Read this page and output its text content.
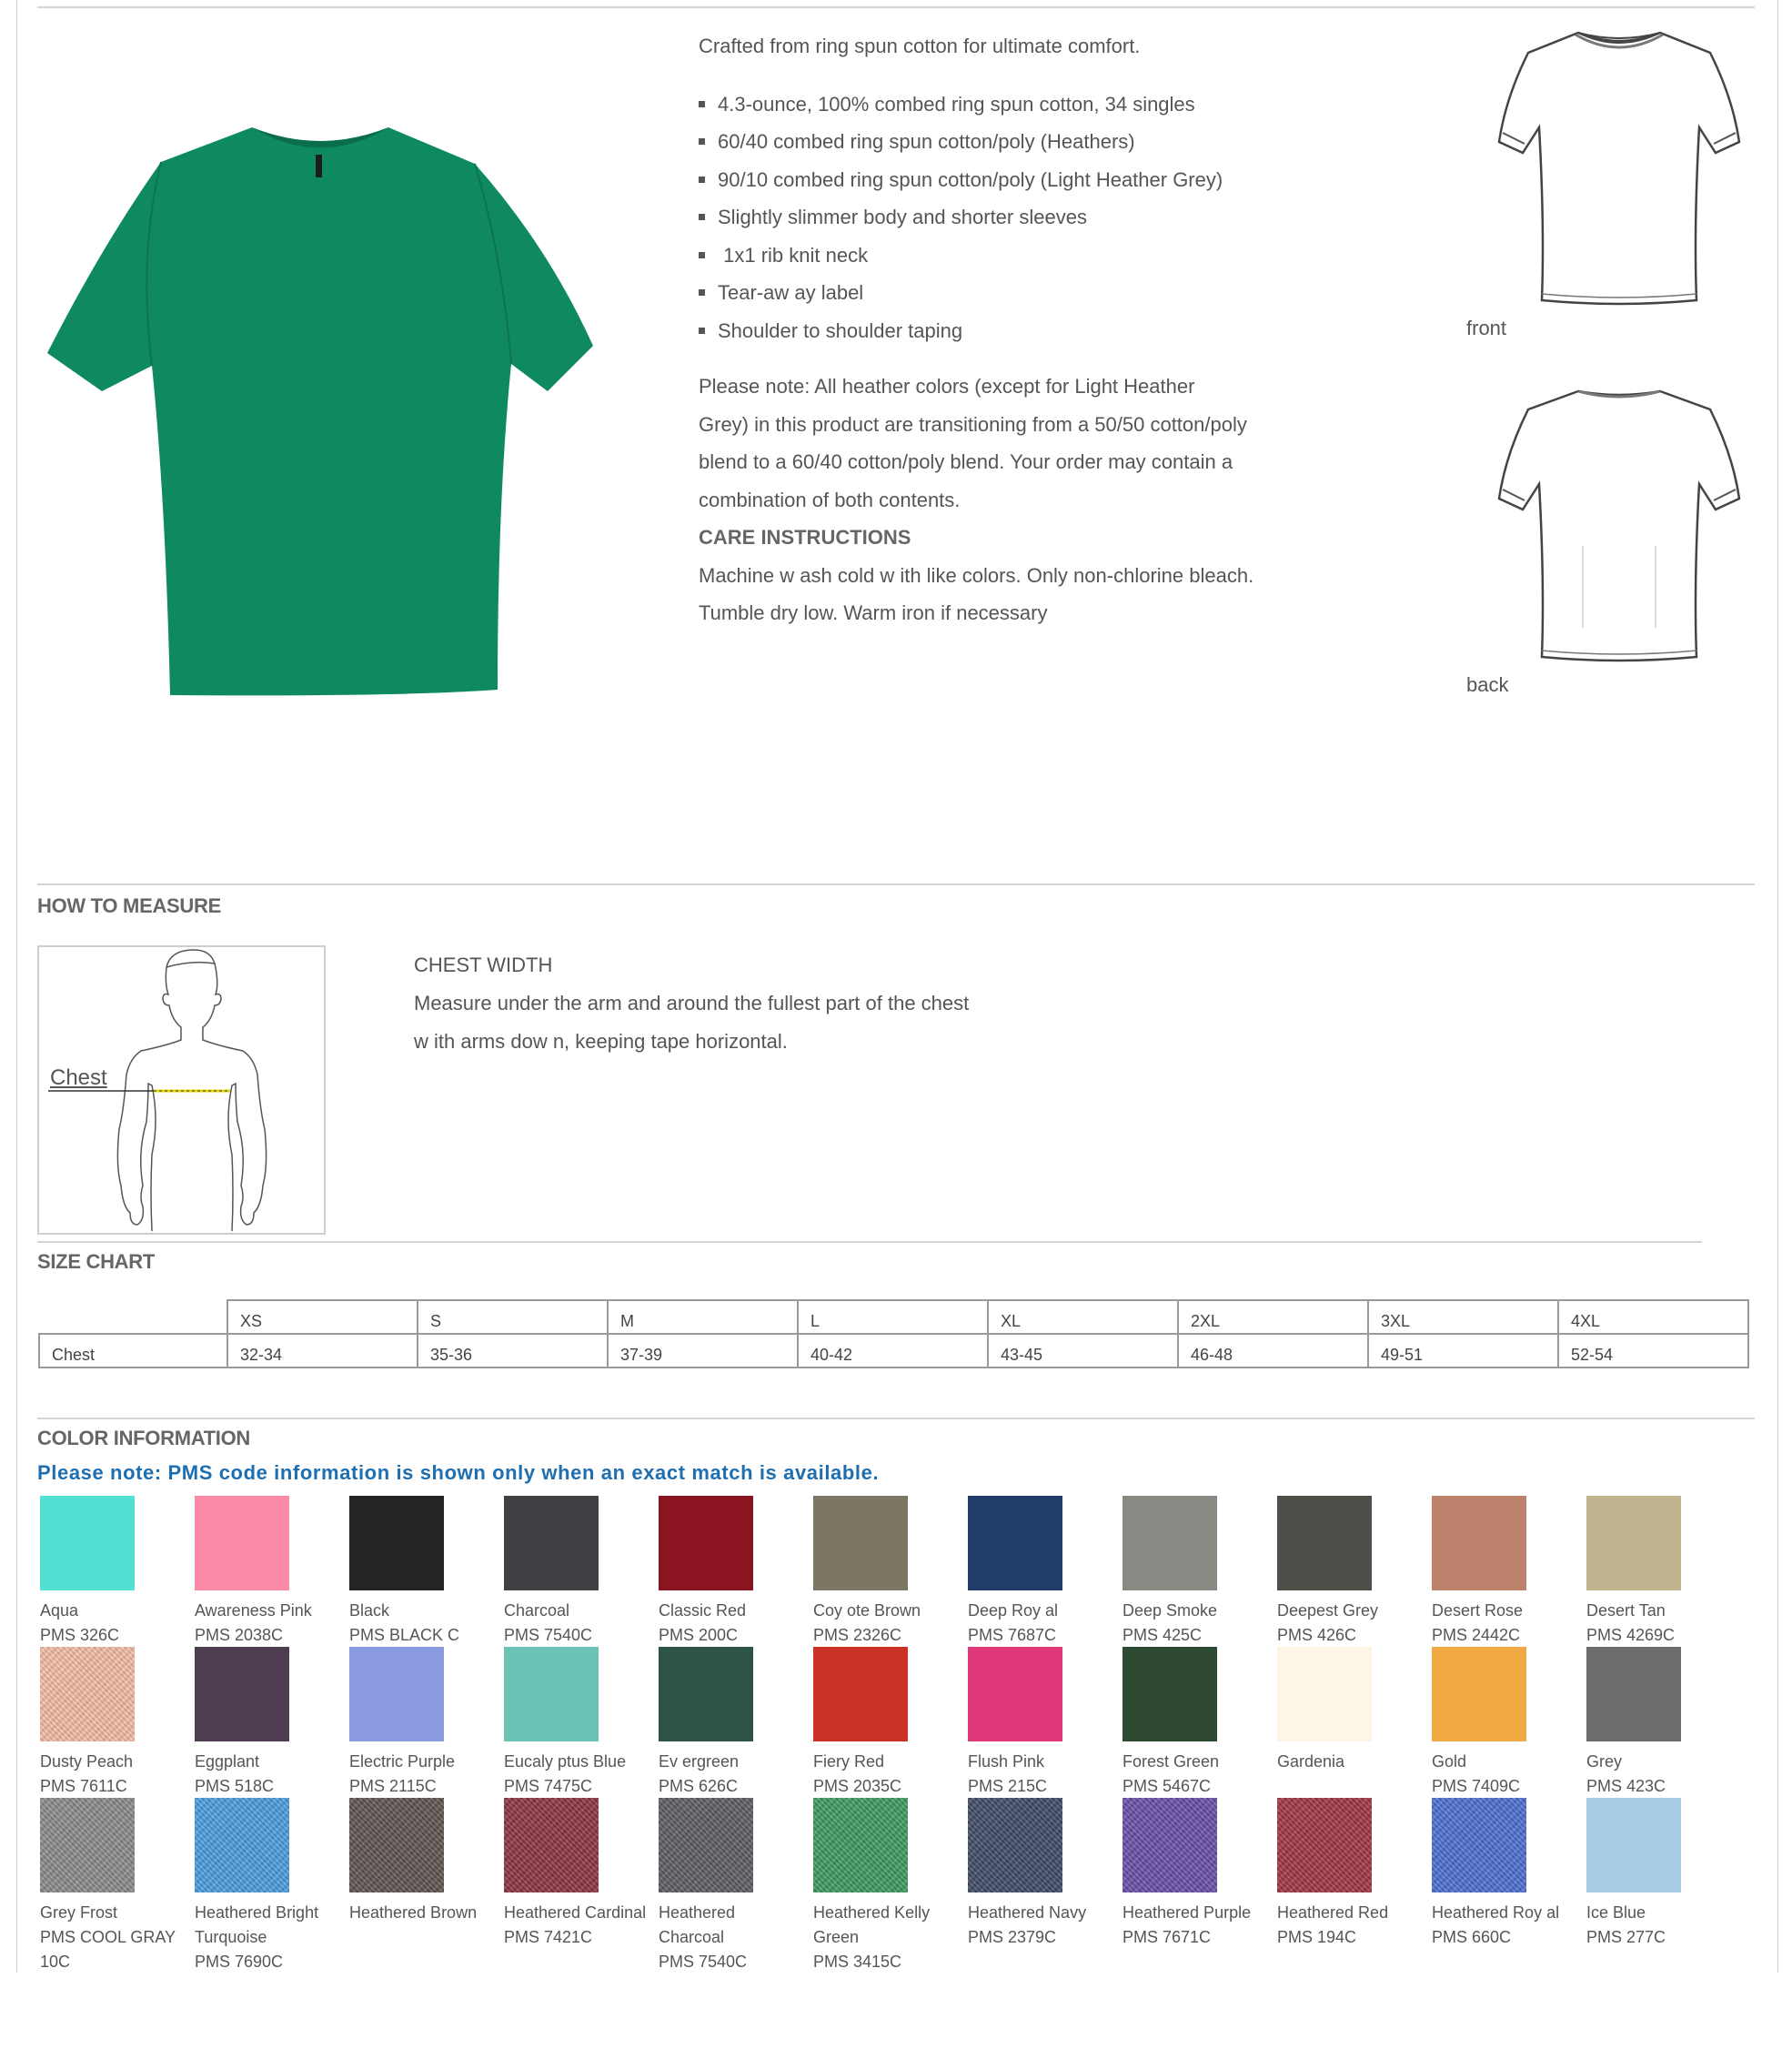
Crafted from ring spun cotton for ultimate comfort.

4.3-ounce, 100% combed ring spun cotton, 34 singles
60/40 combed ring spun cotton/poly (Heathers)
90/10 combed ring spun cotton/poly (Light Heather Grey)
Slightly slimmer body and shorter sleeves
1x1 rib knit neck
Tear-aw ay label
Shoulder to shoulder taping

Please note: All heather colors (except for Light Heather

Grey) in this product are transitioning from a 50/50 cotton/poly

blend to a 60/40 cotton/poly blend. Your order may contain a

combination of both contents.

CARE INSTRUCTIONS

Machine w ash cold w ith like colors. Only non-chlorine bleach.

Tumble dry low. Warm iron if necessary

front
back
HOW TO MEASURE
Chest

CHEST WIDTH

Measure under the arm and around the fullest part of the chest

w ith arms dow n, keeping tape horizontal.

SIZE CHART
	XS	S	M	L	XL	2XL	3XL	4XL
Chest	32-34	35-36	37-39	40-42	43-45	46-48	49-51	52-54
COLOR INFORMATION
Please note: PMS code information is shown only when an exact match is available.
Aqua
PMS 326C
Awareness Pink
PMS 2038C
Black
PMS BLACK C
Charcoal
PMS 7540C
Classic Red
PMS 200C
Coy ote Brown
PMS 2326C
Deep Roy al
PMS 7687C
Deep Smoke
PMS 425C
Deepest Grey
PMS 426C
Desert Rose
PMS 2442C
Desert Tan
PMS 4269C
Dusty Peach
PMS 7611C
Eggplant
PMS 518C
Electric Purple
PMS 2115C
Eucaly ptus Blue
PMS 7475C
Ev ergreen
PMS 626C
Fiery Red
PMS 2035C
Flush Pink
PMS 215C
Forest Green
PMS 5467C
Gardenia	Gold
PMS 7409C
Grey
PMS 423C
Grey Frost
PMS COOL GRAY 10C
Heathered Bright Turquoise
PMS 7690C
Heathered Brown	Heathered Cardinal
PMS 7421C
Heathered Charcoal
PMS 7540C
Heathered Kelly Green
PMS 3415C
Heathered Navy
PMS 2379C
Heathered Purple
PMS 7671C
Heathered Red
PMS 194C
Heathered Roy al
PMS 660C
Ice Blue
PMS 277C
